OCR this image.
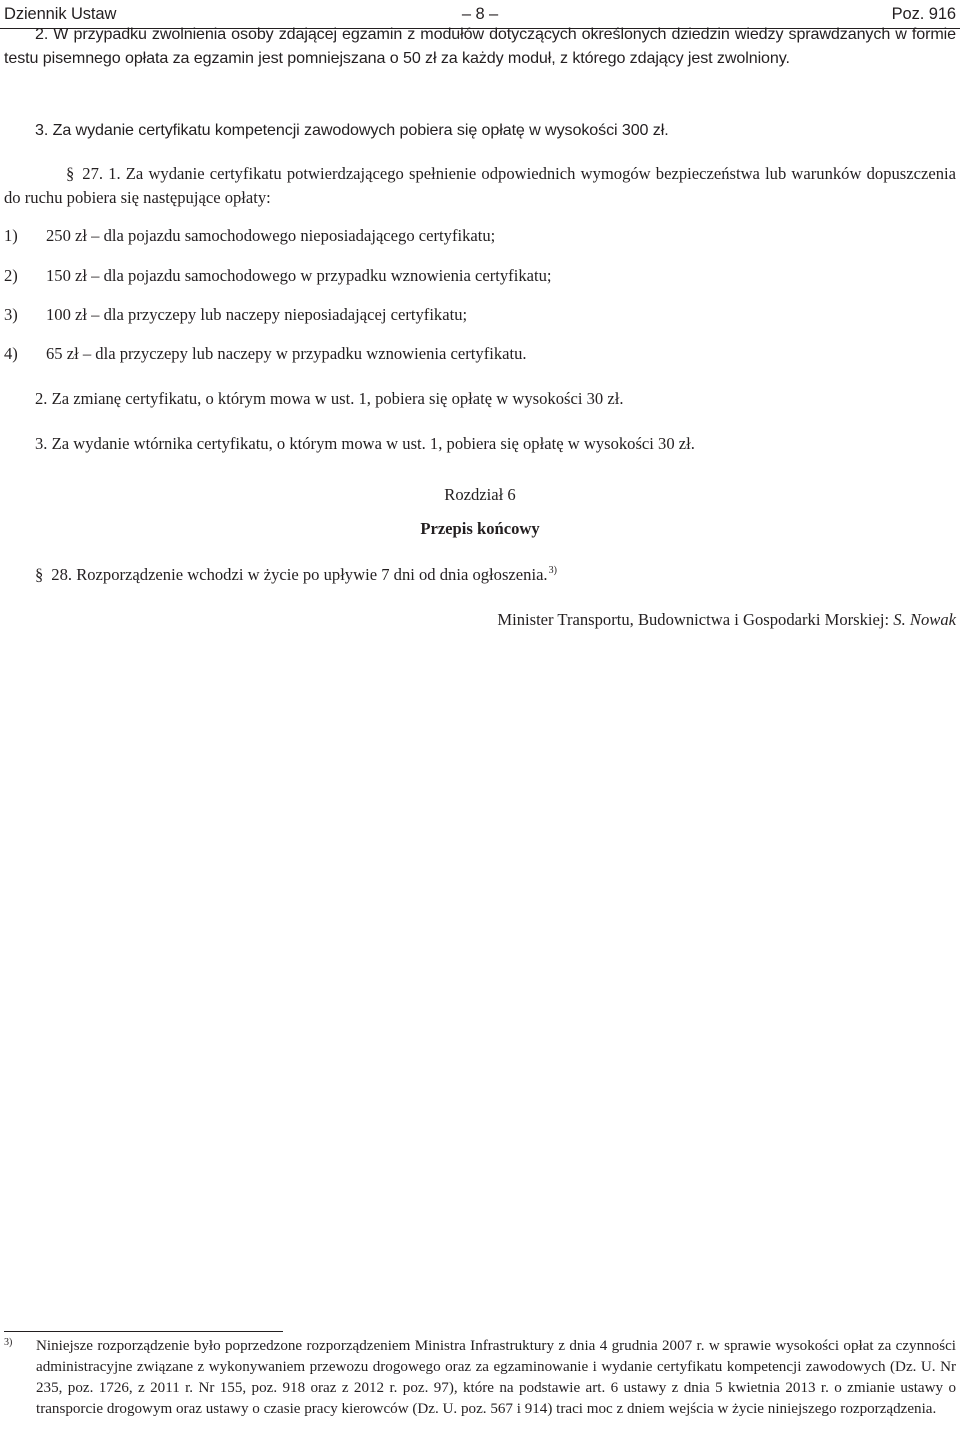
Dziennik Ustaw	– 8 –	Poz. 916
2. W przypadku zwolnienia osoby zdającej egzamin z modułów dotyczących określonych dziedzin wiedzy sprawdzanych w formie testu pisemnego opłata za egzamin jest pomniejszana o 50 zł za każdy moduł, z którego zdający jest zwolniony.
3. Za wydanie certyfikatu kompetencji zawodowych pobiera się opłatę w wysokości 300 zł.
§ 27. 1. Za wydanie certyfikatu potwierdzającego spełnienie odpowiednich wymogów bezpieczeństwa lub warunków dopuszczenia do ruchu pobiera się następujące opłaty:
1) 250 zł – dla pojazdu samochodowego nieposiadającego certyfikatu;
2) 150 zł – dla pojazdu samochodowego w przypadku wznowienia certyfikatu;
3) 100 zł – dla przyczepy lub naczepy nieposiadającej certyfikatu;
4) 65 zł – dla przyczepy lub naczepy w przypadku wznowienia certyfikatu.
2. Za zmianę certyfikatu, o którym mowa w ust. 1, pobiera się opłatę w wysokości 30 zł.
3. Za wydanie wtórnika certyfikatu, o którym mowa w ust. 1, pobiera się opłatę w wysokości 30 zł.
Rozdział 6
Przepis końcowy
§ 28. Rozporządzenie wchodzi w życie po upływie 7 dni od dnia ogłoszenia.$^{3)}$
Minister Transportu, Budownictwa i Gospodarki Morskiej: S. Nowak
3) Niniejsze rozporządzenie było poprzedzone rozporządzeniem Ministra Infrastruktury z dnia 4 grudnia 2007 r. w sprawie wysokości opłat za czynności administracyjne związane z wykonywaniem przewozu drogowego oraz za egzaminowanie i wydanie certyfikatu kompetencji zawodowych (Dz. U. Nr 235, poz. 1726, z 2011 r. Nr 155, poz. 918 oraz z 2012 r. poz. 97), które na podstawie art. 6 ustawy z dnia 5 kwietnia 2013 r. o zmianie ustawy o transporcie drogowym oraz ustawy o czasie pracy kierowców (Dz. U. poz. 567 i 914) traci moc z dniem wejścia w życie niniejszego rozporządzenia.
